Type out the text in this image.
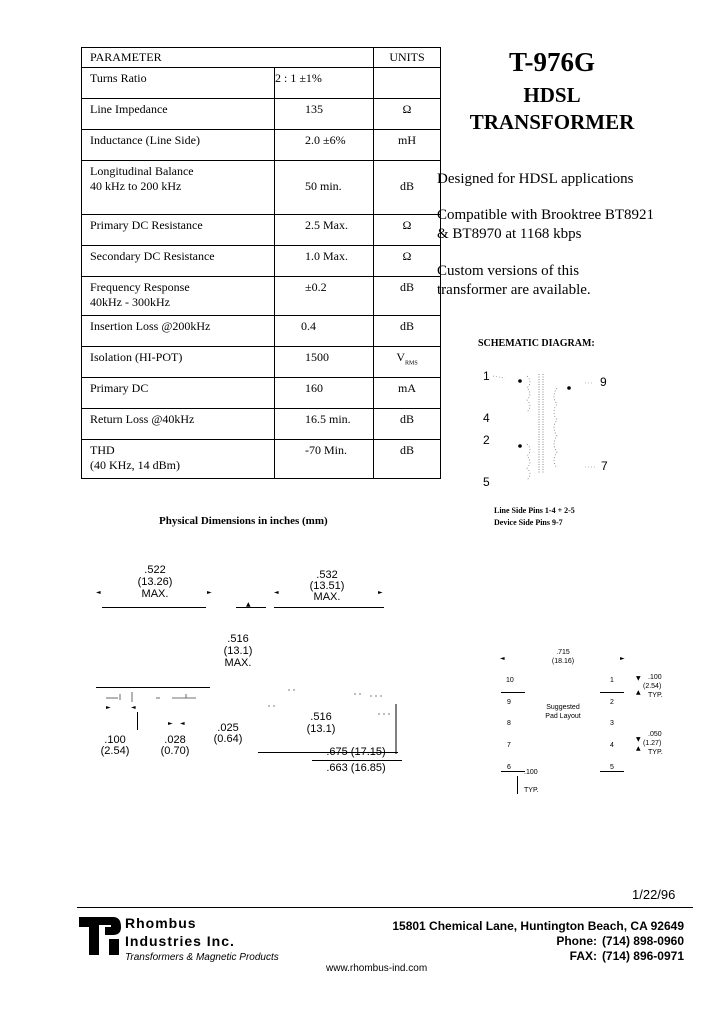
PARAMETER		UNITS
Turns Ratio	2 : 1 ±1%	
Line Impedance	135	Ω
Inductance (Line Side)	2.0 ±6%	mH
Longitudinal Balance
40 kHz to 200 kHz	50 min.	dB
Primary DC Resistance	2.5 Max.	Ω
Secondary DC Resistance	1.0 Max.	Ω
Frequency Response
40kHz - 300kHz	±0.2	dB
Insertion Loss @200kHz	0.4	dB
Isolation (HI-POT)	1500	$V_{RMS}$
Primary DC	160	mA
Return Loss @40kHz	16.5 min.	dB
THD
(40 KHz, 14 dBm)	-70 Min.	dB
T-976G
HDSL
TRANSFORMER
Designed for HDSL applications
Compatible with Brooktree BT8921
& BT8970 at 1168 kbps
Custom versions of this
transformer are available.
SCHEMATIC DIAGRAM:
1
4
2
5
9
7
Line Side Pins 1-4 + 2-5
Device Side Pins 9-7
Physical Dimensions in inches (mm)
.522
(13.26)
MAX.
◄	►
▲
.532
(13.51)
MAX.
◄	►
.516
(13.1)
MAX.
►	◄
► ◄
.100
(2.54)
.028
(0.70)
.025
(0.64)
.516
(13.1)
.675 (17.15)
.663 (16.85)
.715
(18.16)
◄	►
10
9
8
7
6
1
2
3
4
5
Suggested
Pad Layout
.100
(2.54)
TYP.
▼
▲
.050
(1.27)
TYP.
▼
▲
.100
TYP.
1/22/96
Rhombus
Industries Inc.
Transformers & Magnetic Products
15801 Chemical Lane, Huntington Beach, CA 92649
Phone: (714) 898-0960
FAX: (714) 896-0971
www.rhombus-ind.com
